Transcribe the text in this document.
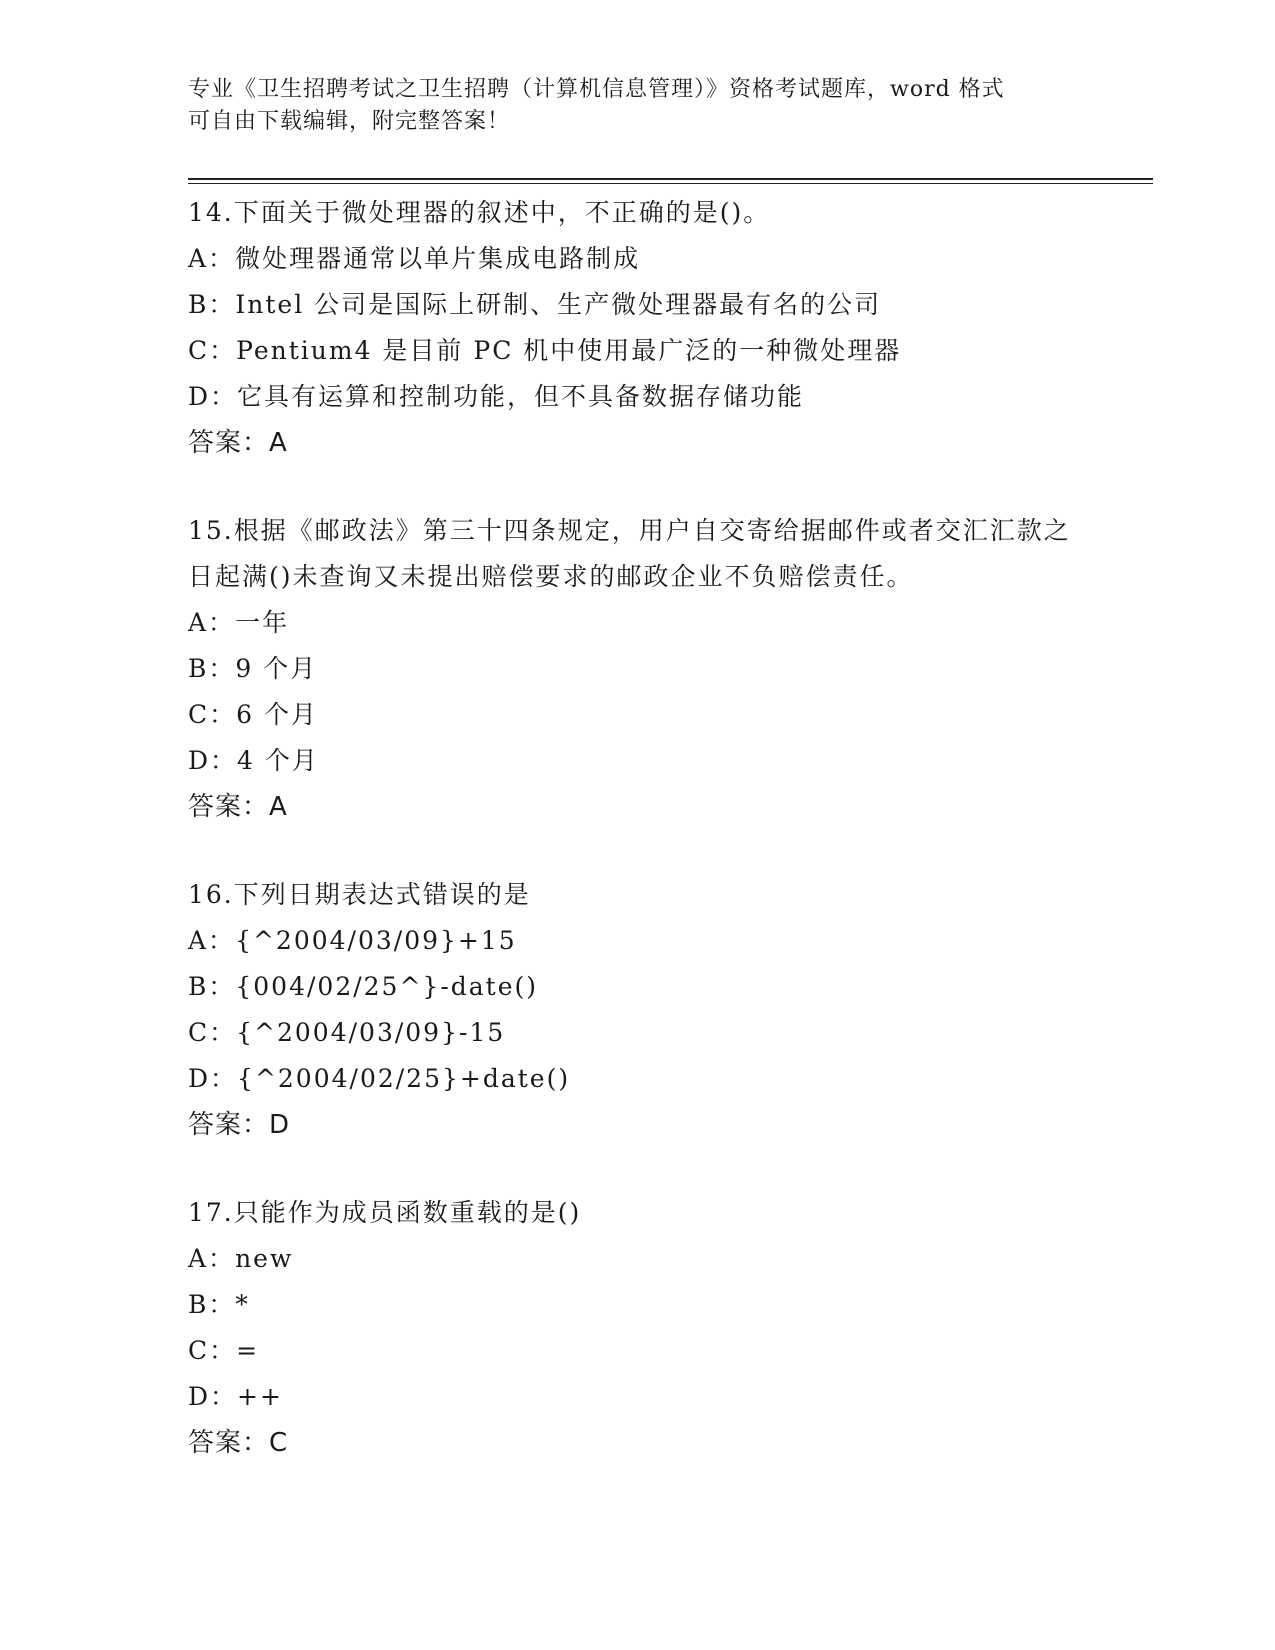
专业《卫生招聘考试之卫生招聘（计算机信息管理）》资格考试题库，word 格式
可自由下载编辑，附完整答案！
14.下面关于微处理器的叙述中，不正确的是()。
A： 微处理器通常以单片集成电路制成
B： Intel 公司是国际上研制、生产微处理器最有名的公司
C： Pentium4 是目前 PC 机中使用最广泛的一种微处理器
D： 它具有运算和控制功能，但不具备数据存储功能
答案：A
15.根据《邮政法》第三十四条规定，用户自交寄给据邮件或者交汇汇款之日起满()未查询又未提出赔偿要求的邮政企业不负赔偿责任。
A： 一年
B： 9 个月
C： 6 个月
D： 4 个月
答案：A
16.下列日期表达式错误的是
A： {^2004/03/09}+15
B： {004/02/25^}-date()
C： {^2004/03/09}-15
D： {^2004/02/25}+date()
答案：D
17.只能作为成员函数重载的是()
A： new
B： *
C： =
D： ++
答案：C
